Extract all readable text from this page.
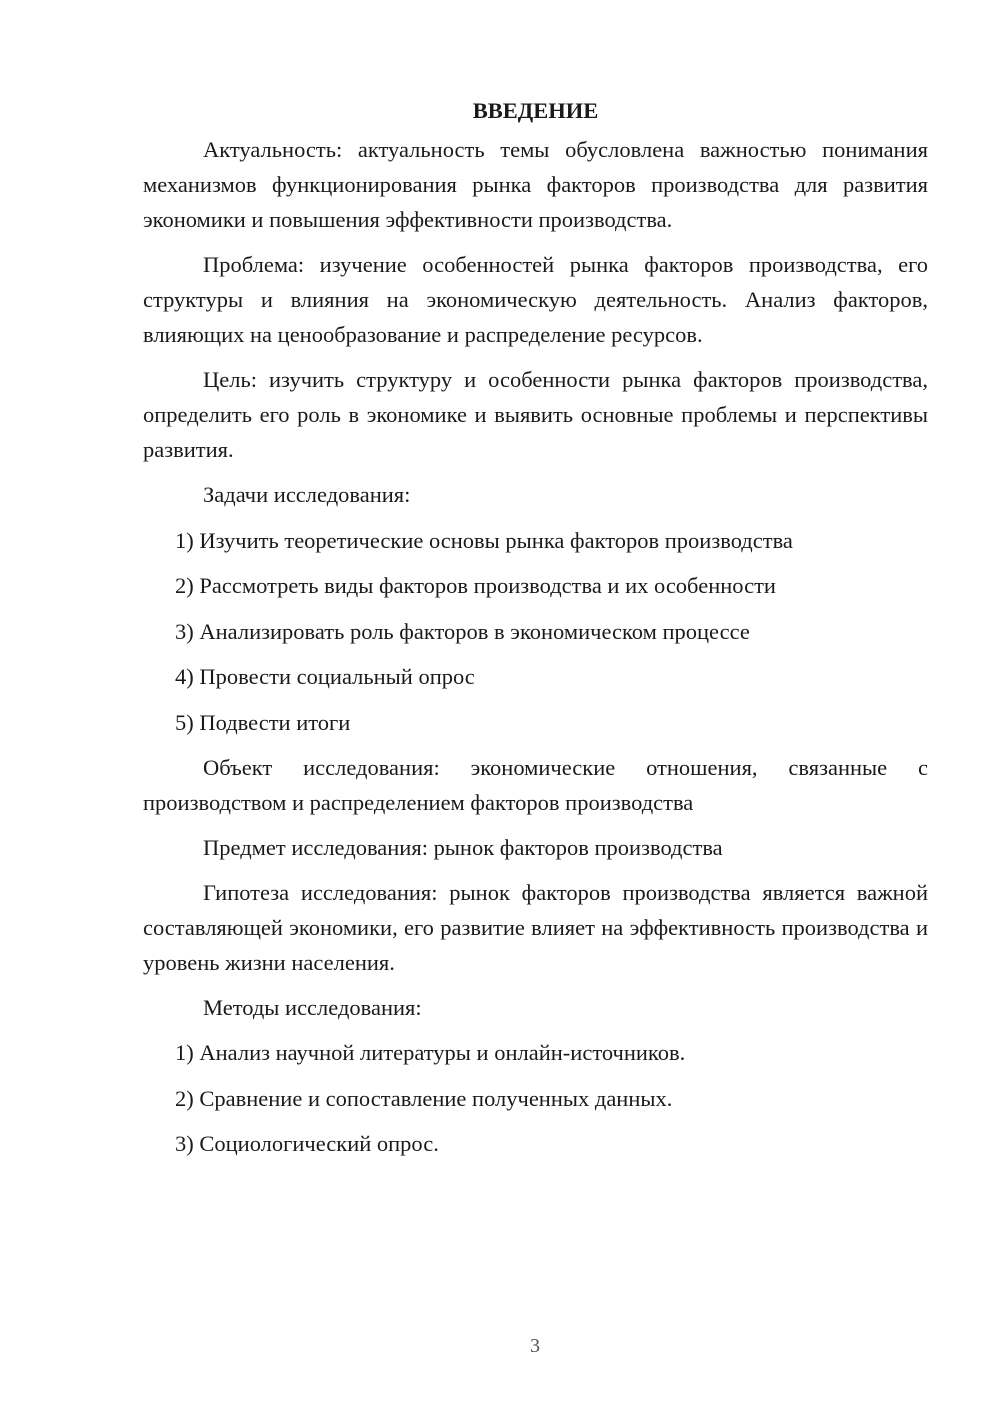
ВВЕДЕНИЕ

Актуальность: актуальность темы обусловлена важностью понимания механизмов функционирования рынка факторов производства для развития экономики и повышения эффективности производства.

Проблема: изучение особенностей рынка факторов производства, его структуры и влияния на экономическую деятельность. Анализ факторов, влияющих на ценообразование и распределение ресурсов.

Цель: изучить структуру и особенности рынка факторов производства, определить его роль в экономике и выявить основные проблемы и перспективы развития.

Задачи исследования:

1) Изучить теоретические основы рынка факторов производства
2) Рассмотреть виды факторов производства и их особенности
3) Анализировать роль факторов в экономическом процессе
4) Провести социальный опрос
5) Подвести итоги

Объект исследования: экономические отношения, связанные с производством и распределением факторов производства

Предмет исследования: рынок факторов производства

Гипотеза исследования: рынок факторов производства является важной составляющей экономики, его развитие влияет на эффективность производства и уровень жизни населения.

Методы исследования:

1) Анализ научной литературы и онлайн-источников.
2) Сравнение и сопоставление полученных данных.
3) Социологический опрос.
3
